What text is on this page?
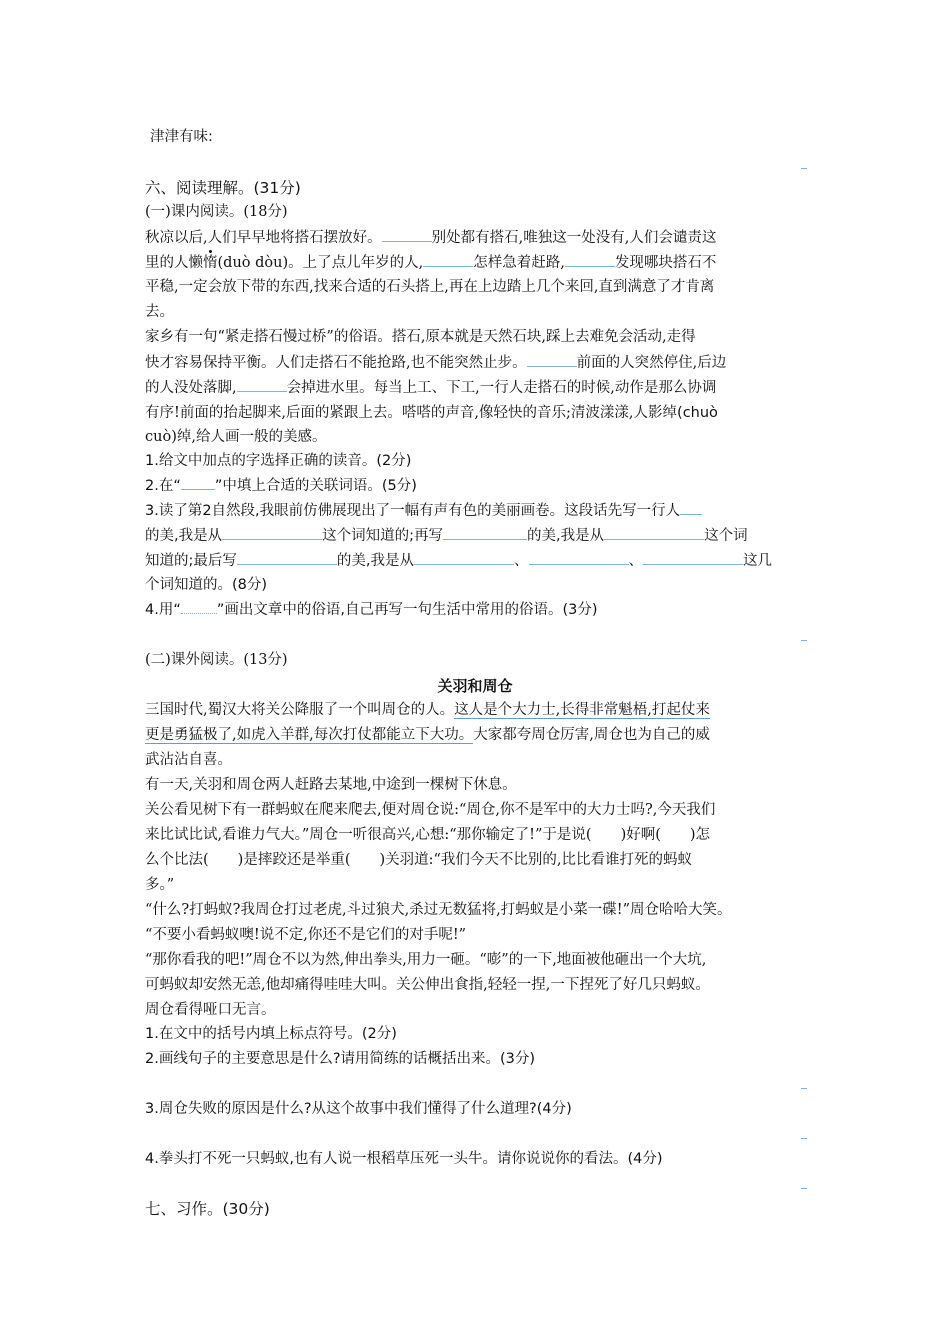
津津有味:
六、阅读理解。(31分)
(一)课内阅读。(18分)
秋凉以后,人们早早地将搭石摆放好。	别处都有搭石,唯独这一处没有,人们会谴责这
里的人懒惰(duò dòu)。上了点儿年岁的人,	怎样急着赶路,	发现哪块搭石不
平稳,一定会放下带的东西,找来合适的石头搭上,再在上边踏上几个来回,直到满意了才肯离
去。
家乡有一句“紧走搭石慢过桥”的俗语。搭石,原本就是天然石块,踩上去难免会活动,走得
快才容易保持平衡。人们走搭石不能抢路,也不能突然止步。	前面的人突然停住,后边
的人没处落脚,	会掉进水里。每当上工、下工,一行人走搭石的时候,动作是那么协调
有序!前面的抬起脚来,后面的紧跟上去。嗒嗒的声音,像轻快的音乐;清波漾漾,人影绰(chuò
cuò)绰,给人画一般的美感。
1.给文中加点的字选择正确的读音。(2分)
2.在“ ”中填上合适的关联词语。(5分)
3.读了第2自然段,我眼前仿佛展现出了一幅有声有色的美丽画卷。这段话先写一行人
的美,我是从	这个词知道的;再写	的美,我是从	这个词
知道的;最后写	的美,我是从	、	、	这几
个词知道的。(8分)
4.用“ ”画出文章中的俗语,自己再写一句生活中常用的俗语。(3分)
(二)课外阅读。(13分)
关羽和周仓
三国时代,蜀汉大将关公降服了一个叫周仓的人。这人是个大力士,长得非常魁梧,打起仗来
更是勇猛极了,如虎入羊群,每次打仗都能立下大功。大家都夸周仓厉害,周仓也为自己的威
武沾沾自喜。
有一天,关羽和周仓两人赶路去某地,中途到一棵树下休息。
关公看见树下有一群蚂蚁在爬来爬去,便对周仓说:“周仓,你不是军中的大力士吗?,今天我们
来比试比试,看谁力气大。”周仓一听很高兴,心想:“那你输定了!”于是说(　　)好啊(　　)怎
么个比法(　　)是摔跤还是举重(　　)关羽道:“我们今天不比别的,比比看谁打死的蚂蚁
多。”
“什么?打蚂蚁?我周仓打过老虎,斗过狼犬,杀过无数猛将,打蚂蚁是小菜一碟!”周仓哈哈大笑。
“不要小看蚂蚁噢!说不定,你还不是它们的对手呢!”
“那你看我的吧!”周仓不以为然,伸出拳头,用力一砸。“嘭”的一下,地面被他砸出一个大坑,
可蚂蚁却安然无恙,他却痛得哇哇大叫。关公伸出食指,轻轻一捏,一下捏死了好几只蚂蚁。
周仓看得哑口无言。
1.在文中的括号内填上标点符号。(2分)
2.画线句子的主要意思是什么?请用简练的话概括出来。(3分)
3.周仓失败的原因是什么?从这个故事中我们懂得了什么道理?(4分)
4.拳头打不死一只蚂蚁,也有人说一根稻草压死一头牛。请你说说你的看法。(4分)
七、习作。(30分)
